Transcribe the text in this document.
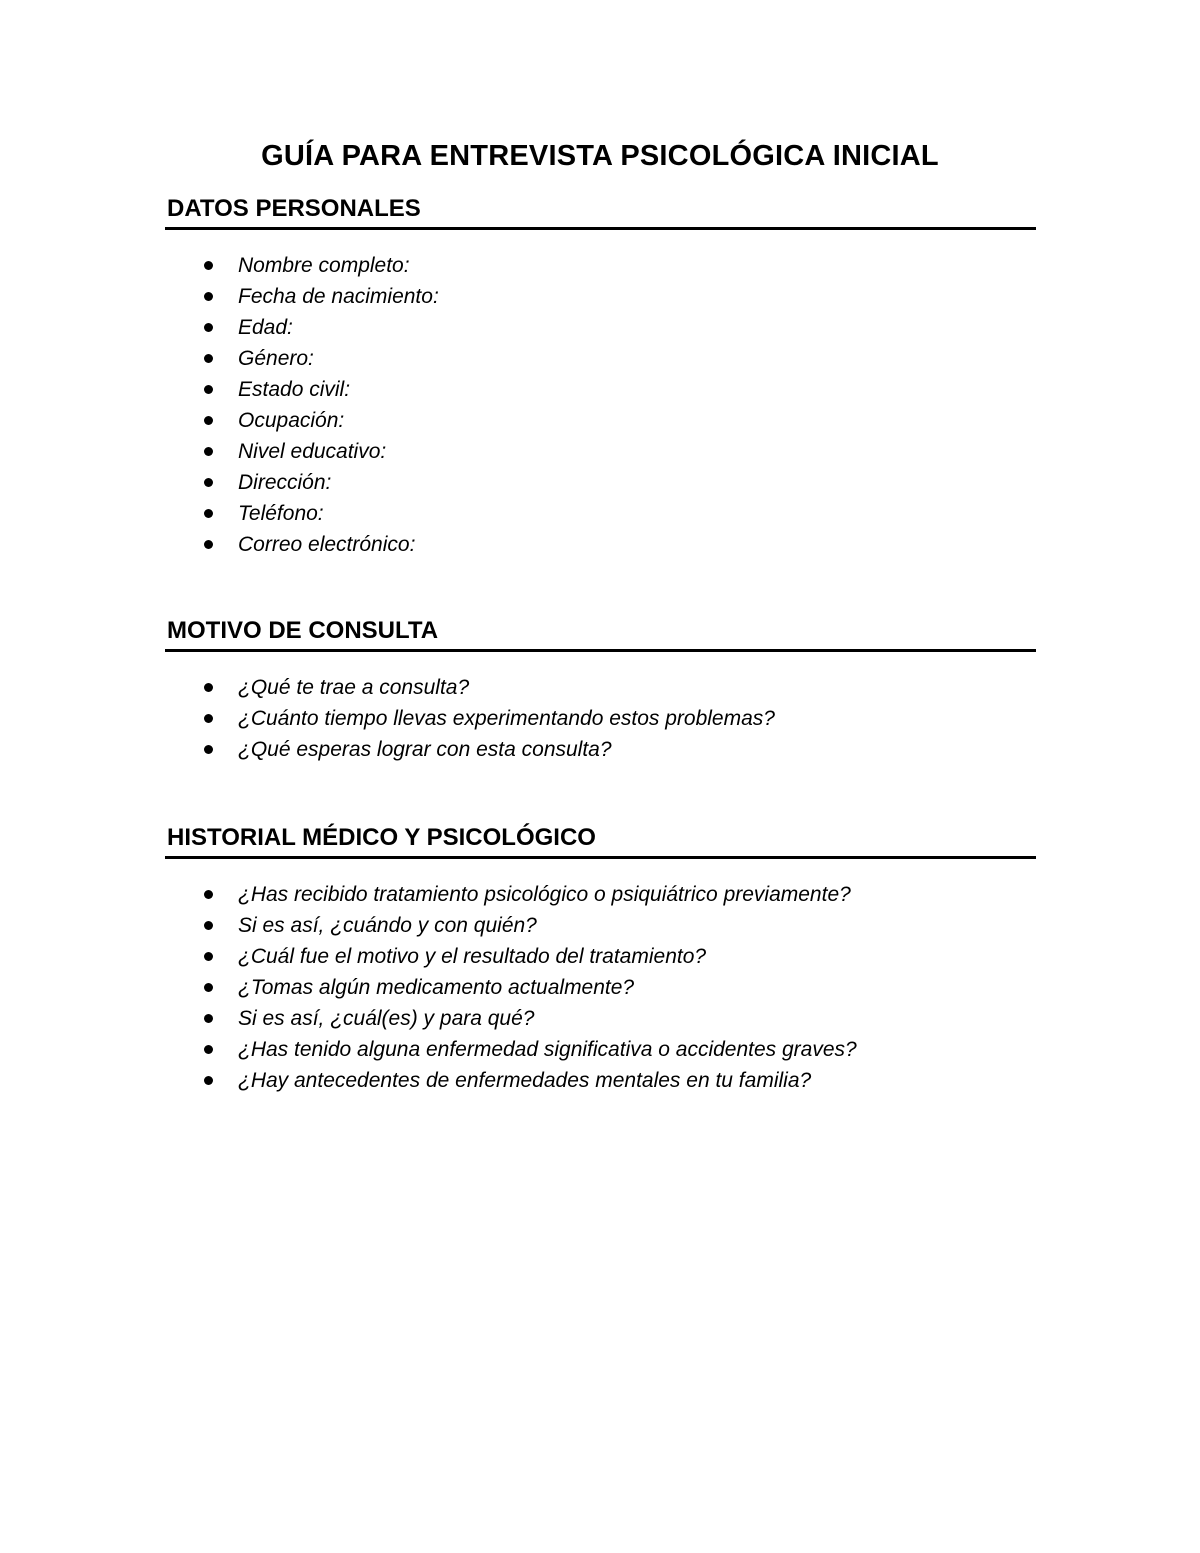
GUÍA PARA ENTREVISTA PSICOLÓGICA INICIAL
DATOS PERSONALES
Nombre completo:
Fecha de nacimiento:
Edad:
Género:
Estado civil:
Ocupación:
Nivel educativo:
Dirección:
Teléfono:
Correo electrónico:
MOTIVO DE CONSULTA
¿Qué te trae a consulta?
¿Cuánto tiempo llevas experimentando estos problemas?
¿Qué esperas lograr con esta consulta?
HISTORIAL MÉDICO Y PSICOLÓGICO
¿Has recibido tratamiento psicológico o psiquiátrico previamente?
Si es así, ¿cuándo y con quién?
¿Cuál fue el motivo y el resultado del tratamiento?
¿Tomas algún medicamento actualmente?
Si es así, ¿cuál(es) y para qué?
¿Has tenido alguna enfermedad significativa o accidentes graves?
¿Hay antecedentes de enfermedades mentales en tu familia?
